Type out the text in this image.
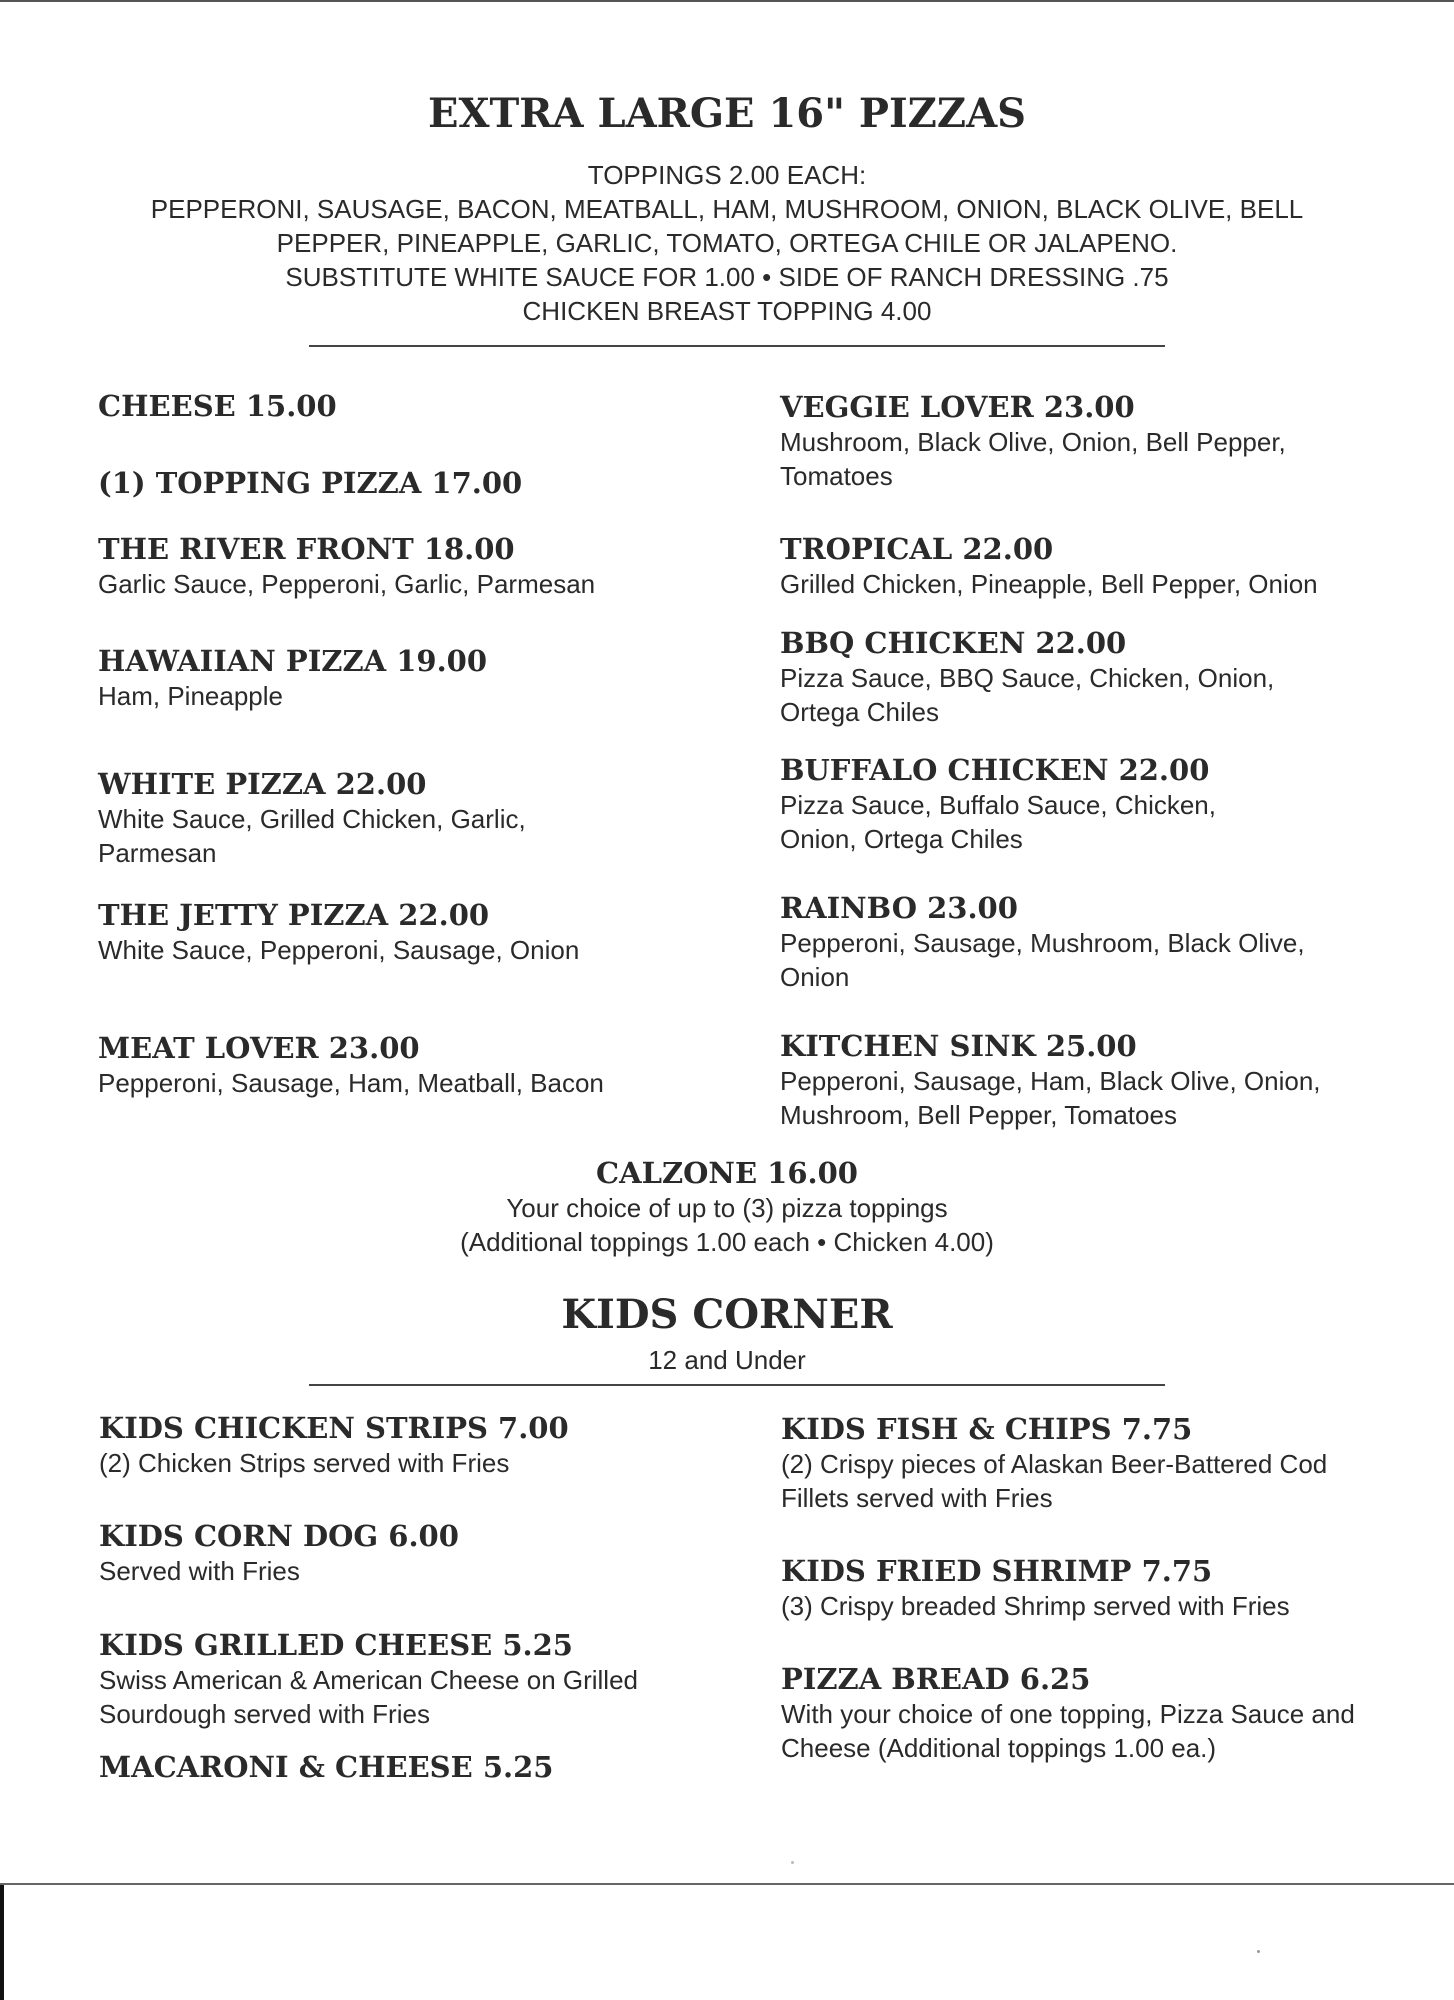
EXTRA LARGE 16" PIZZAS
TOPPINGS 2.00 EACH:
PEPPERONI, SAUSAGE, BACON, MEATBALL, HAM, MUSHROOM, ONION, BLACK OLIVE, BELL
PEPPER, PINEAPPLE, GARLIC, TOMATO, ORTEGA CHILE OR JALAPENO.
SUBSTITUTE WHITE SAUCE FOR 1.00 • SIDE OF RANCH DRESSING .75
CHICKEN BREAST TOPPING 4.00
CHEESE 15.00
(1) TOPPING PIZZA 17.00
THE RIVER FRONT 18.00
Garlic Sauce, Pepperoni, Garlic, Parmesan
HAWAIIAN PIZZA 19.00
Ham, Pineapple
WHITE PIZZA 22.00
White Sauce, Grilled Chicken, Garlic, Parmesan
THE JETTY PIZZA 22.00
White Sauce, Pepperoni, Sausage, Onion
MEAT LOVER 23.00
Pepperoni, Sausage, Ham, Meatball, Bacon
VEGGIE LOVER 23.00
Mushroom, Black Olive, Onion, Bell Pepper, Tomatoes
TROPICAL 22.00
Grilled Chicken, Pineapple, Bell Pepper, Onion
BBQ CHICKEN 22.00
Pizza Sauce, BBQ Sauce, Chicken, Onion, Ortega Chiles
BUFFALO CHICKEN 22.00
Pizza Sauce, Buffalo Sauce, Chicken, Onion, Ortega Chiles
RAINBO 23.00
Pepperoni, Sausage, Mushroom, Black Olive, Onion
KITCHEN SINK 25.00
Pepperoni, Sausage, Ham, Black Olive, Onion, Mushroom, Bell Pepper, Tomatoes
CALZONE 16.00
Your choice of up to (3) pizza toppings
(Additional toppings 1.00 each • Chicken 4.00)
KIDS CORNER
12 and Under
KIDS CHICKEN STRIPS 7.00
(2) Chicken Strips served with Fries
KIDS CORN DOG 6.00
Served with Fries
KIDS GRILLED CHEESE 5.25
Swiss American & American Cheese on Grilled Sourdough served with Fries
MACARONI & CHEESE 5.25
KIDS FISH & CHIPS 7.75
(2) Crispy pieces of Alaskan Beer-Battered Cod Fillets served with Fries
KIDS FRIED SHRIMP 7.75
(3) Crispy breaded Shrimp served with Fries
PIZZA BREAD 6.25
With your choice of one topping, Pizza Sauce and Cheese (Additional toppings 1.00 ea.)
